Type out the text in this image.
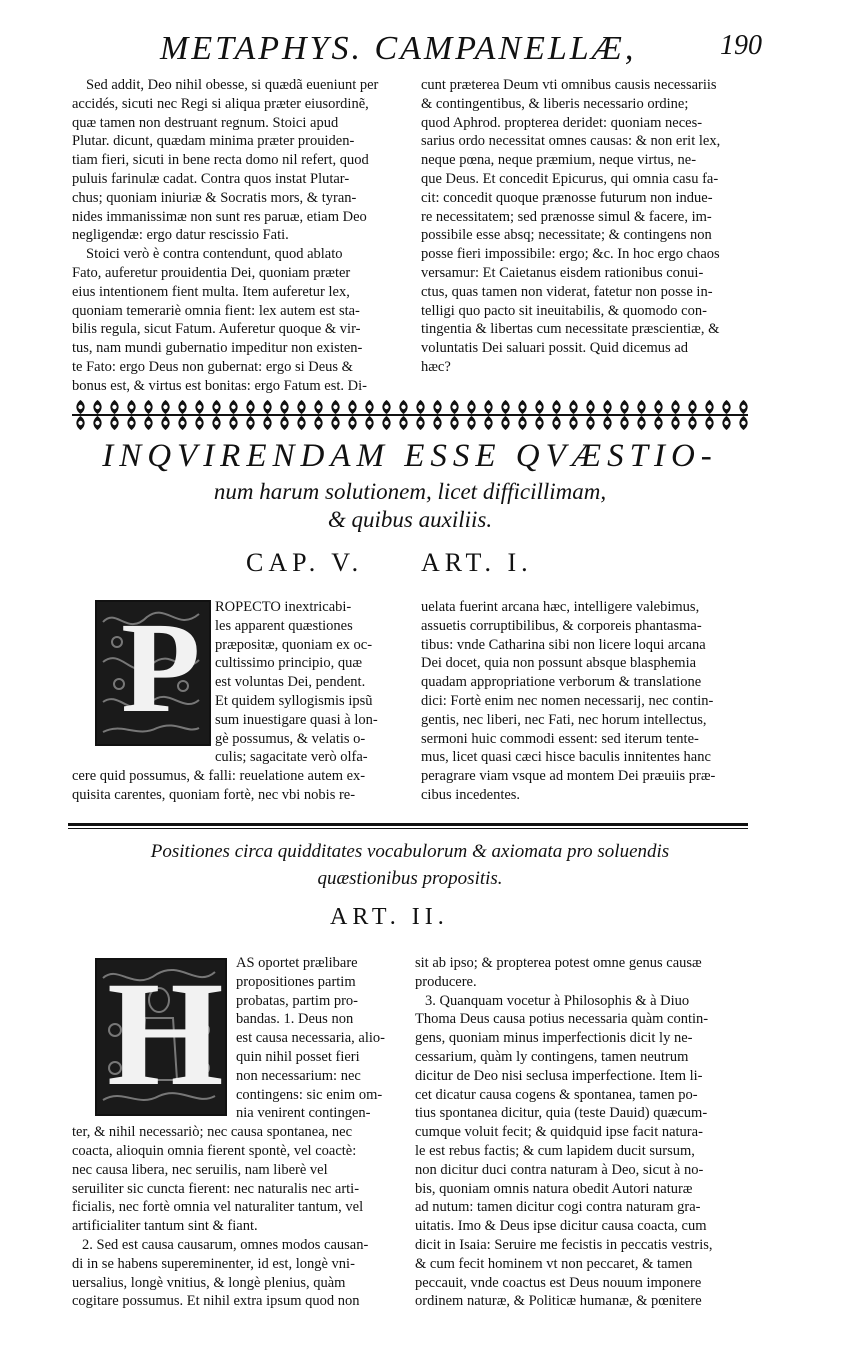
METAPHYS. CAMPANELLÆ,	190
Sed addit, Deo nihil obesse, si quædã eueniunt per
accidés, sicuti nec Regi si aliqua præter eiusordinẽ,
quæ tamen non destruant regnum. Stoici apud
Plutar. dicunt, quædam minima præter prouiden-
tiam fieri, sicuti in bene recta domo nil refert, quod
puluis farinulæ cadat. Contra quos instat Plutar-
chus; quoniam iniuriæ & Socratis mors, & tyran-
nides immanissimæ non sunt res paruæ, etiam Deo
negligendæ: ergo datur rescissio Fati.
Stoici verò è contra contendunt, quod ablato
Fato, auferetur prouidentia Dei, quoniam præter
eius intentionem fient multa. Item auferetur lex,
quoniam temerariè omnia fient: lex autem est sta-
bilis regula, sicut Fatum. Auferetur quoque & vir-
tus, nam mundi gubernatio impeditur non existen-
te Fato: ergo Deus non gubernat: ergo si Deus &
bonus est, & virtus est bonitas: ergo Fatum est. Di-
cunt præterea Deum vti omnibus causis necessariis
& contingentibus, & liberis necessario ordine;
quod Aphrod. propterea deridet: quoniam neces-
sarius ordo necessitat omnes causas: & non erit lex,
neque pœna, neque præmium, neque virtus, ne-
que Deus. Et concedit Epicurus, qui omnia casu fa-
cit: concedit quoque prænosse futurum non indue-
re necessitatem; sed prænosse simul & facere, im-
possibile esse absq; necessitate; & contingens non
posse fieri impossibile: ergo; &c. In hoc ergo chaos
versamur: Et Caietanus eisdem rationibus conui-
ctus, quas tamen non viderat, fatetur non posse in-
telligi quo pacto sit ineuitabilis, & quomodo con-
tingentia & libertas cum necessitate præscientiæ, &
voluntatis Dei saluari possit. Quid dicemus ad
hæc?
INQVIRENDAM ESSE QVÆSTIO-
num harum solutionem, licet difficillimam,
& quibus auxiliis.
CAP. V. ART. I.
P	ROPECTO inextricabi-
les apparent quæstiones
præpositæ, quoniam ex oc-
cultissimo principio, quæ
est voluntas Dei, pendent.
Et quidem syllogismis ipsũ
sum inuestigare quasi à lon-
gè possumus, & velatis o-
culis; sagacitate verò olfa-
cere quid possumus, & falli: reuelatione autem ex-
quisita carentes, quoniam fortè, nec vbi nobis re-
uelata fuerint arcana hæc, intelligere valebimus,
assuetis corruptibilibus, & corporeis phantasma-
tibus: vnde Catharina sibi non licere loqui arcana
Dei docet, quia non possunt absque blasphemia
quadam appropriatione verborum & translatione
dici: Fortè enim nec nomen necessarij, nec contin-
gentis, nec liberi, nec Fati, nec horum intellectus,
sermoni huic commodi essent: sed iterum tente-
mus, licet quasi cæci hisce baculis innitentes hanc
peragrare viam vsque ad montem Dei præuiis præ-
cibus incedentes.
Positiones circa quidditates vocabulorum & axiomata pro soluendis
quæstionibus propositis.
ART. II.
H AS oportet prælibare
propositiones partim
probatas, partim pro-
bandas. 1. Deus non
est causa necessaria, alio-
quin nihil posset fieri
non necessarium: nec
contingens: sic enim om-
nia venirent contingen-
ter, & nihil necessariò; nec causa spontanea, nec
coacta, alioquin omnia fierent spontè, vel coactè:
nec causa libera, nec seruilis, nam liberè vel
seruiliter sic cuncta fierent: nec naturalis nec arti-
ficialis, nec fortè omnia vel naturaliter tantum, vel
artificialiter tantum sint & fiant.
2. Sed est causa causarum, omnes modos causan-
di in se habens supereminenter, id est, longè vni-
uersalius, longè vnitius, & longè plenius, quàm
cogitare possumus. Et nihil extra ipsum quod non
sit ab ipso; & propterea potest omne genus causæ
producere.
3. Quanquam vocetur à Philosophis & à Diuo
Thoma Deus causa potius necessaria quàm contin-
gens, quoniam minus imperfectionis dicit ly ne-
cessarium, quàm ly contingens, tamen neutrum
dicitur de Deo nisi seclusa imperfectione. Item li-
cet dicatur causa cogens & spontanea, tamen po-
tius spontanea dicitur, quia (teste Dauid) quæcum-
cumque voluit fecit; & quidquid ipse facit natura-
le est rebus factis; & cum lapidem ducit sursum,
non dicitur duci contra naturam à Deo, sicut à no-
bis, quoniam omnis natura obedit Autori naturæ
ad nutum: tamen dicitur cogi contra naturam gra-
uitatis. Imo & Deus ipse dicitur causa coacta, cum
dicit in Isaia: Seruire me fecistis in peccatis vestris,
& cum fecit hominem vt non peccaret, & tamen
peccauit, vnde coactus est Deus nouum imponere
ordinem naturæ, & Politicæ humanæ, & pœnitere
